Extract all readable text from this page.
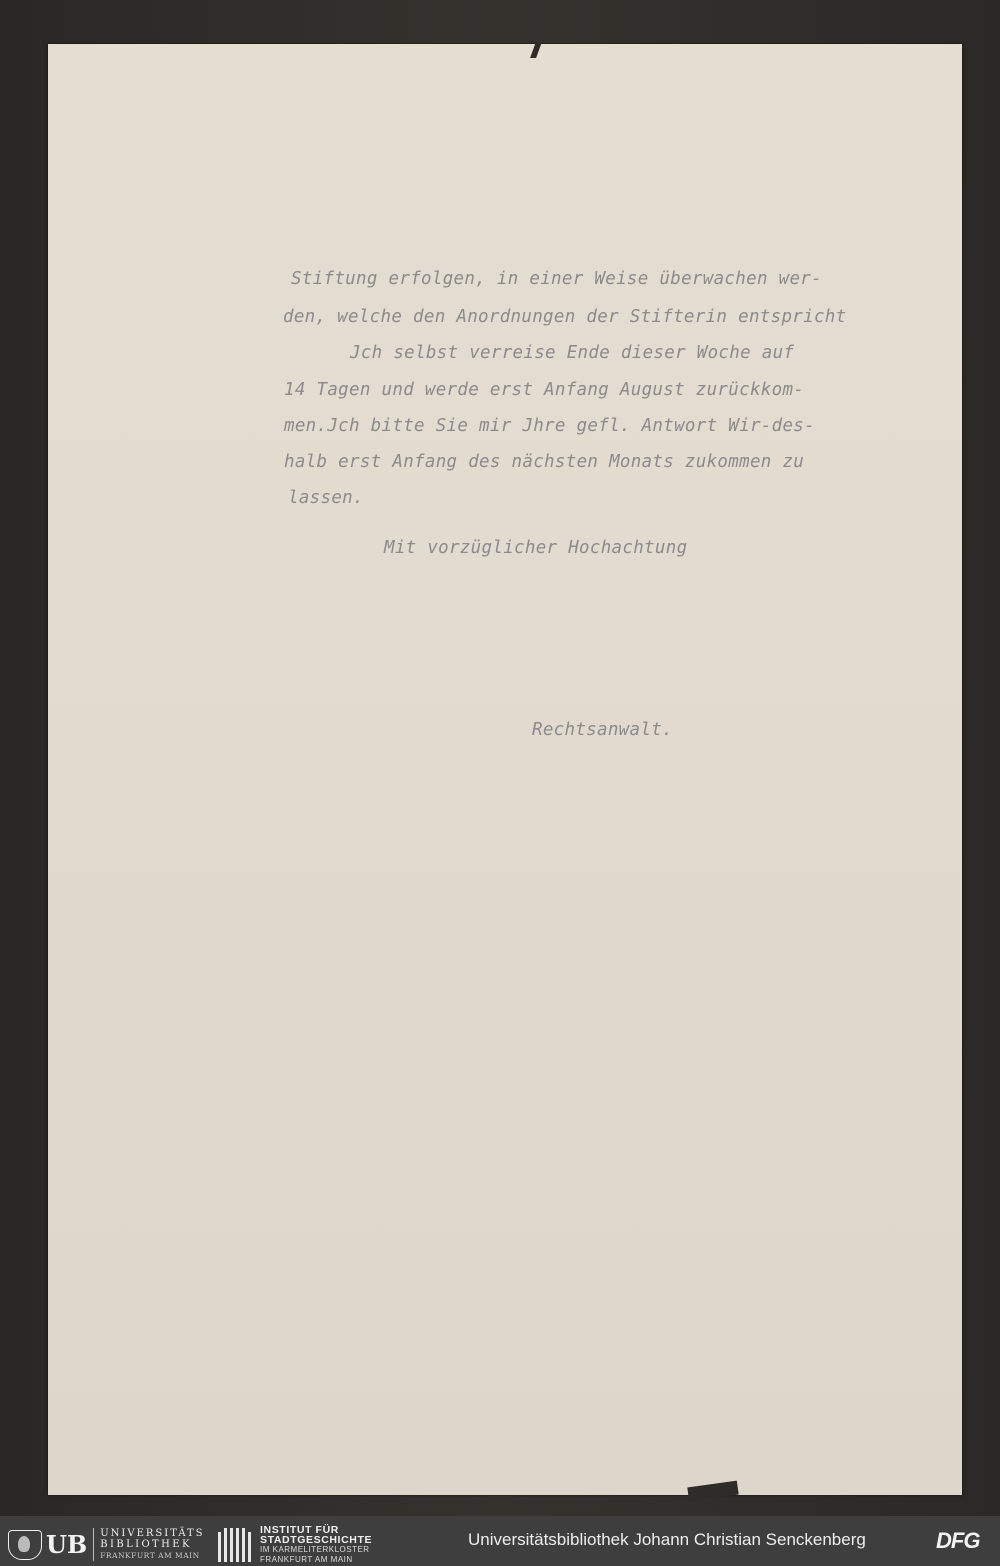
Stiftung erfolgen, in einer Weise überwachen wer-
den, welche den Anordnungen der Stifterin entspricht
Jch selbst verreise Ende dieser Woche auf
14 Tagen und werde erst Anfang August zurückkom-
men.Jch bitte Sie mir Jhre gefl. Antwort Wir-des-
halb erst Anfang des nächsten Monats zukommen zu
lassen.
Mit vorzüglicher Hochachtung
Rechtsanwalt.
UB UNIVERSITÄTS
BIBLIOTHEK
FRANKFURT AM MAIN
INSTITUT FÜR
STADTGESCHICHTE
IM KARMELITERKLOSTER
FRANKFURT AM MAIN
Universitätsbibliothek Johann Christian Senckenberg	DFG
